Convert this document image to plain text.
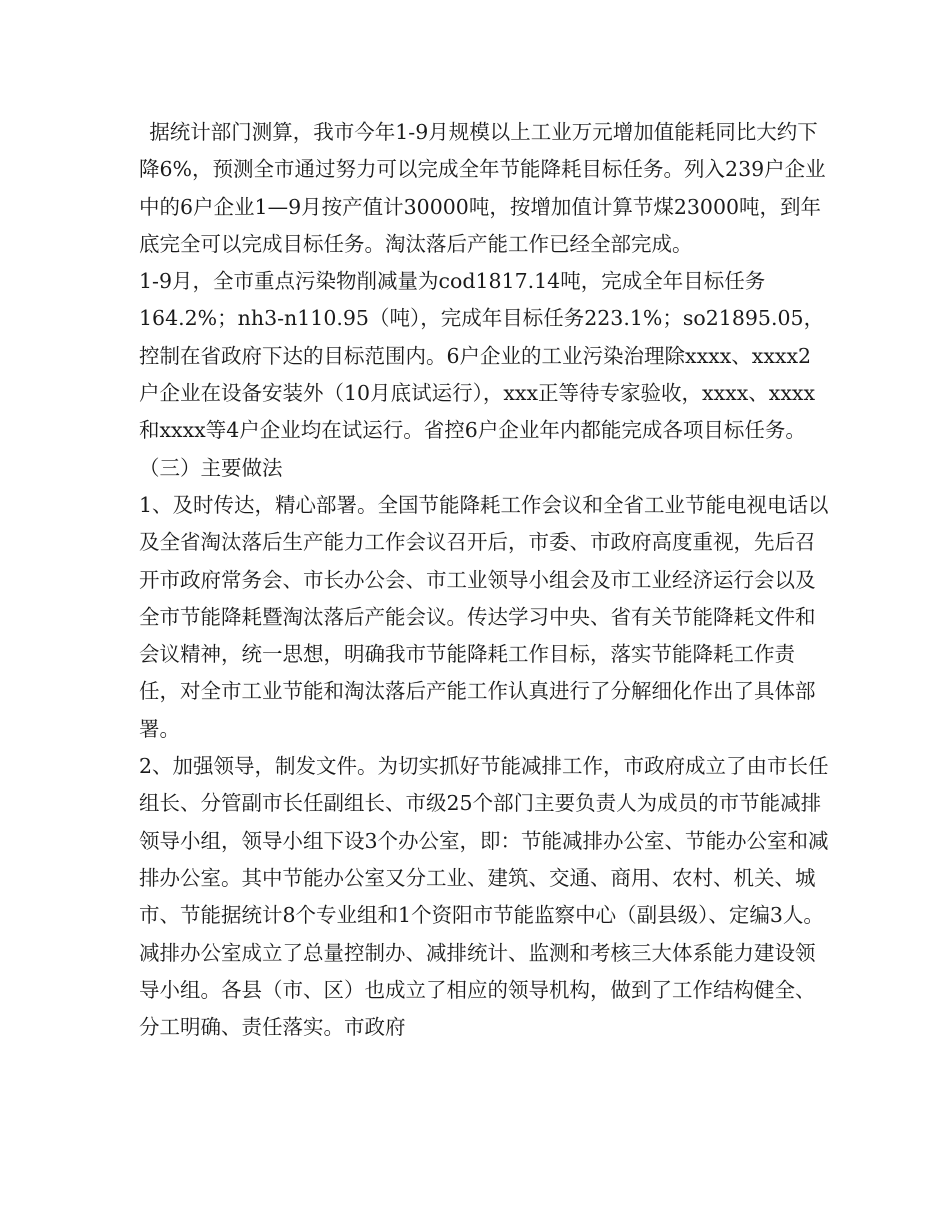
据统计部门测算，我市今年1-9月规模以上工业万元增加值能耗同比大约下降6%，预测全市通过努力可以完成全年节能降耗目标任务。列入239户企业中的6户企业1—9月按产值计30000吨，按增加值计算节煤23000吨，到年底完全可以完成目标任务。淘汰落后产能工作已经全部完成。

1-9月，全市重点污染物削减量为cod1817.14吨，完成全年目标任务164.2%；nh3-n110.95（吨），完成年目标任务223.1%；so21895.05，控制在省政府下达的目标范围内。6户企业的工业污染治理除xxxx、xxxx2户企业在设备安装外（10月底试运行），xxx正等待专家验收，xxxx、xxxx和xxxx等4户企业均在试运行。省控6户企业年内都能完成各项目标任务。

（三）主要做法

1、及时传达，精心部署。全国节能降耗工作会议和全省工业节能电视电话以及全省淘汰落后生产能力工作会议召开后，市委、市政府高度重视，先后召开市政府常务会、市长办公会、市工业领导小组会及市工业经济运行会以及全市节能降耗暨淘汰落后产能会议。传达学习中央、省有关节能降耗文件和会议精神，统一思想，明确我市节能降耗工作目标，落实节能降耗工作责任，对全市工业节能和淘汰落后产能工作认真进行了分解细化作出了具体部署。

2、加强领导，制发文件。为切实抓好节能减排工作，市政府成立了由市长任组长、分管副市长任副组长、市级25个部门主要负责人为成员的市节能减排领导小组，领导小组下设3个办公室，即：节能减排办公室、节能办公室和减排办公室。其中节能办公室又分工业、建筑、交通、商用、农村、机关、城市、节能据统计8个专业组和1个资阳市节能监察中心（副县级）、定编3人。减排办公室成立了总量控制办、减排统计、监测和考核三大体系能力建设领导小组。各县（市、区）也成立了相应的领导机构，做到了工作结构健全、分工明确、责任落实。市政府
